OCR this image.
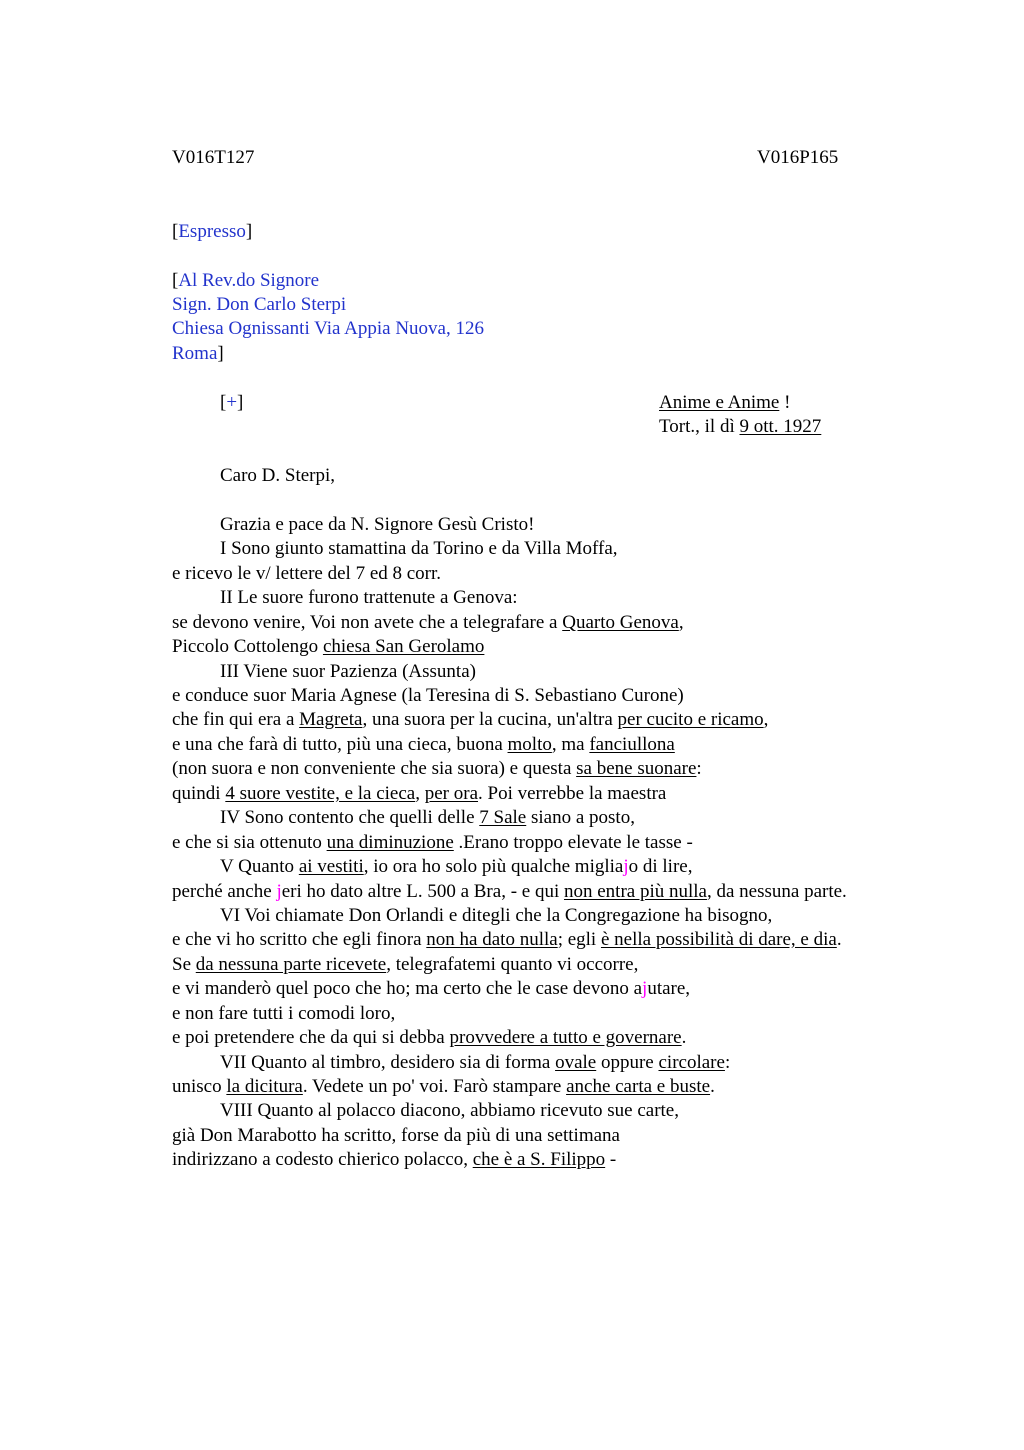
V016T127	V016P165
[Espresso]
[Al Rev.do Signore
Sign. Don Carlo Sterpi
Chiesa Ognissanti Via Appia Nuova, 126
Roma]
[+]	Anime e Anime !
Tort., il dì 9 ott. 1927
Caro D. Sterpi,
Grazia e pace da N. Signore Gesù Cristo!
I Sono giunto stamattina da Torino e da Villa Moffa,
e ricevo le v/ lettere del 7 ed 8 corr.
II Le suore furono trattenute a Genova:
se devono venire, Voi non avete che a telegrafare a Quarto Genova,
Piccolo Cottolengo chiesa San Gerolamo
III Viene suor Pazienza (Assunta)
e conduce suor Maria Agnese (la Teresina di S. Sebastiano Curone)
che fin qui era a Magreta, una suora per la cucina, un'altra per cucito e ricamo,
e una che farà di tutto, più una cieca, buona molto, ma fanciullona
(non suora e non conveniente che sia suora) e questa sa bene suonare:
quindi 4 suore vestite, e la cieca, per ora. Poi verrebbe la maestra
IV Sono contento che quelli delle 7 Sale siano a posto,
e che si sia ottenuto una diminuzione .Erano troppo elevate le tasse -
V Quanto ai vestiti, io ora ho solo più qualche migliajo di lire,
perché anche jeri ho dato altre L. 500 a Bra, - e qui non entra più nulla, da nessuna parte.
VI Voi chiamate Don Orlandi e ditegli che la Congregazione ha bisogno,
e che vi ho scritto che egli finora non ha dato nulla; egli è nella possibilità di dare, e dia.
Se da nessuna parte ricevete, telegrafatemi quanto vi occorre,
e vi manderò quel poco che ho; ma certo che le case devono ajutare,
e non fare tutti i comodi loro,
e poi pretendere che da qui si debba provvedere a tutto e governare.
VII Quanto al timbro, desidero sia di forma ovale oppure circolare:
unisco la dicitura. Vedete un po' voi. Farò stampare anche carta e buste.
VIII Quanto al polacco diacono, abbiamo ricevuto sue carte,
già Don Marabotto ha scritto, forse da più di una settimana
indirizzano a codesto chierico polacco, che è a S. Filippo -
